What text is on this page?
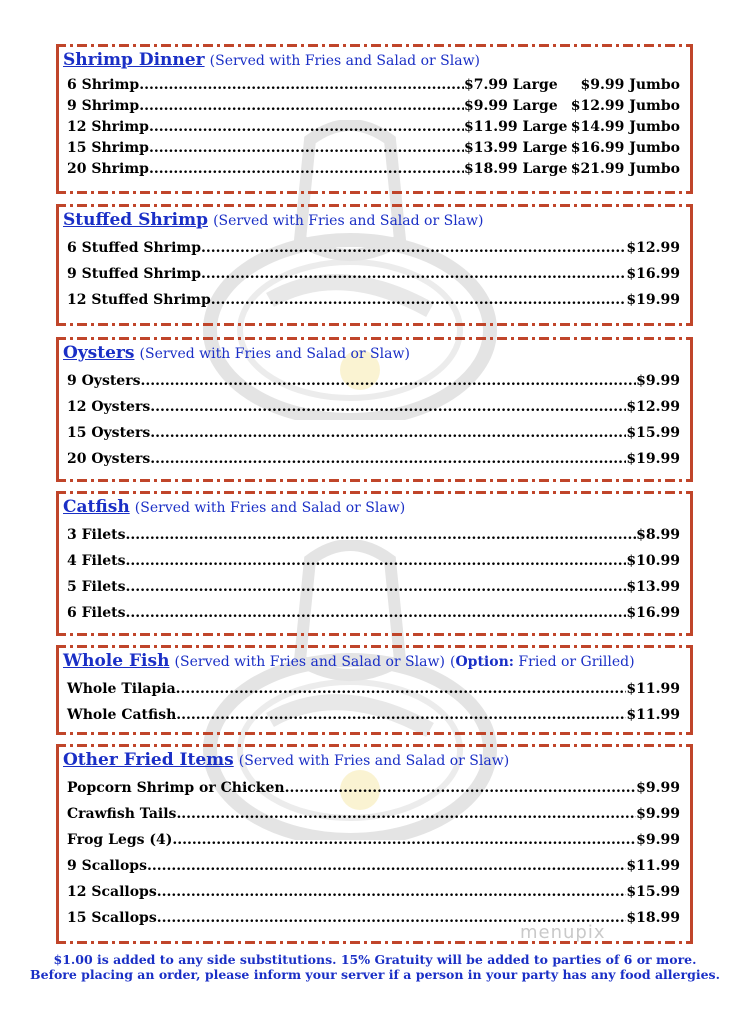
Shrimp Dinner (Served with Fries and Salad or Slaw)
6 Shrimp .....	$7.99 Large	$9.99 Jumbo
9 Shrimp .....	$9.99 Large $12.99 Jumbo
12 Shrimp .....	$11.99 Large $14.99 Jumbo
15 Shrimp .....	$13.99 Large $16.99 Jumbo
20 Shrimp .....	$18.99 Large $21.99 Jumbo
Stuffed Shrimp (Served with Fries and Salad or Slaw)
6 Stuffed Shrimp .....	$12.99
9 Stuffed Shrimp .....	$16.99
12 Stuffed Shrimp .....	$19.99
Oysters (Served with Fries and Salad or Slaw)
9 Oysters .....	$9.99
12 Oysters .....	$12.99
15 Oysters .....	$15.99
20 Oysters .....	$19.99
Catfish (Served with Fries and Salad or Slaw)
3 Filets .....	$8.99
4 Filets .....	$10.99
5 Filets .....	$13.99
6 Filets .....	$16.99
Whole Fish (Served with Fries and Salad or Slaw) (Option: Fried or Grilled)
Whole Tilapia .....	$11.99
Whole Catfish .....	$11.99
Other Fried Items (Served with Fries and Salad or Slaw)
Popcorn Shrimp or Chicken .....	$9.99
Crawfish Tails .....	$9.99
Frog Legs (4) .....	$9.99
9 Scallops .....	$11.99
12 Scallops .....	$15.99
15 Scallops .....	$18.99
menupix
$1.00 is added to any side substitutions. 15% Gratuity will be added to parties of 6 or more.
Before placing an order, please inform your server if a person in your party has any food allergies.
